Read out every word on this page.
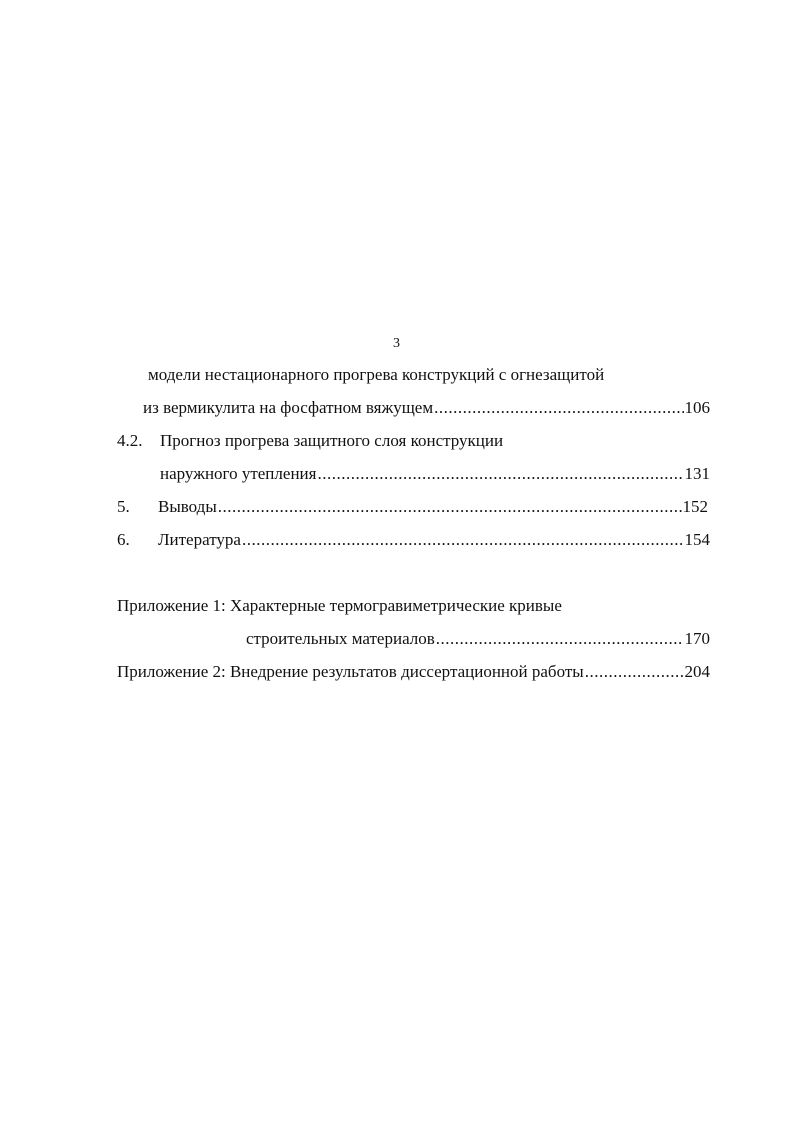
3
модели нестационарного прогрева конструкций с огнезащитой
из вермикулита на фосфатном вяжущем .....	106
4.2. Прогноз прогрева защитного слоя конструкции
наружного утепления .....	131
5. Выводы .....	152
6. Литература .....	154
Приложение 1: Характерные термогравиметрические кривые
строительных материалов .....	170
Приложение 2: Внедрение результатов диссертационной работы .....	204
